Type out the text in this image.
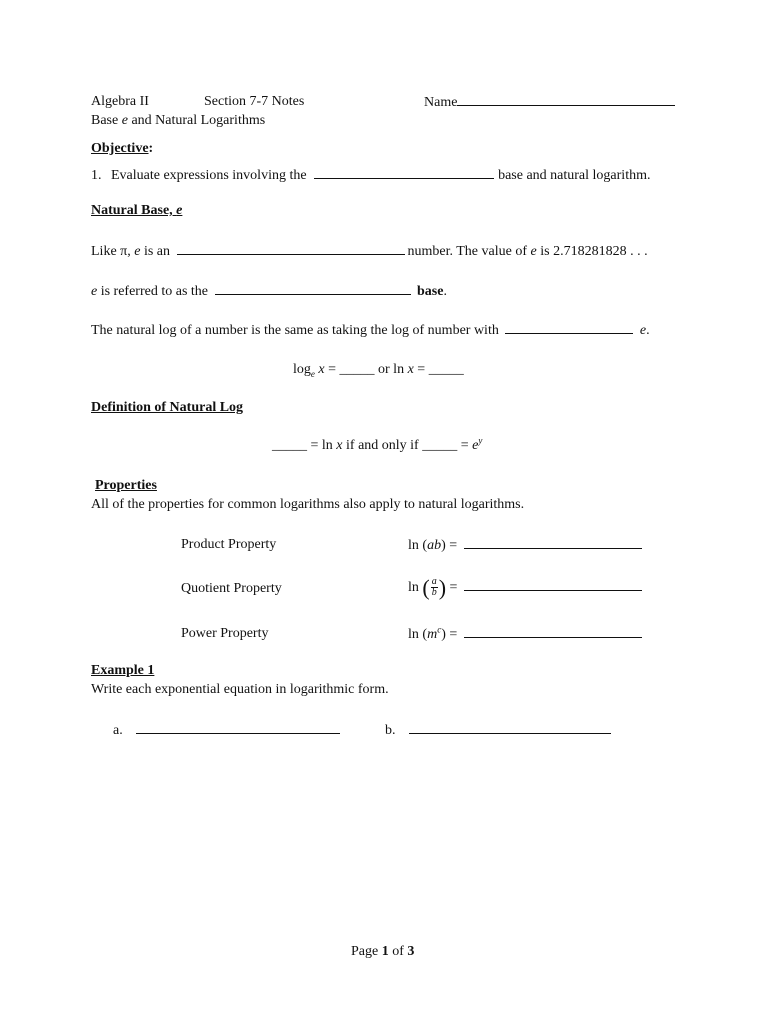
Algebra II	Section 7-7 Notes	Name
Base e and Natural Logarithms
Objective:
1. Evaluate expressions involving the	base and natural logarithm.
Natural Base, e
Like π, e is an	number. The value of e is 2.718281828 . . .
e is referred to as the	base.
The natural log of a number is the same as taking the log of number with	e.
$\log_e x$ = _____ or ln x = _____
Definition of Natural Log
_____ = ln x if and only if _____ = $e^y$
Properties
All of the properties for common logarithms also apply to natural logarithms.
Product Property	ln (ab) =
Quotient Property	ln ( $\frac{a}{b}$ ) =
Power Property	$\ln (m^c)$ =
Example 1
Write each exponential equation in logarithmic form.
a.	b.
Page 1 of 3
